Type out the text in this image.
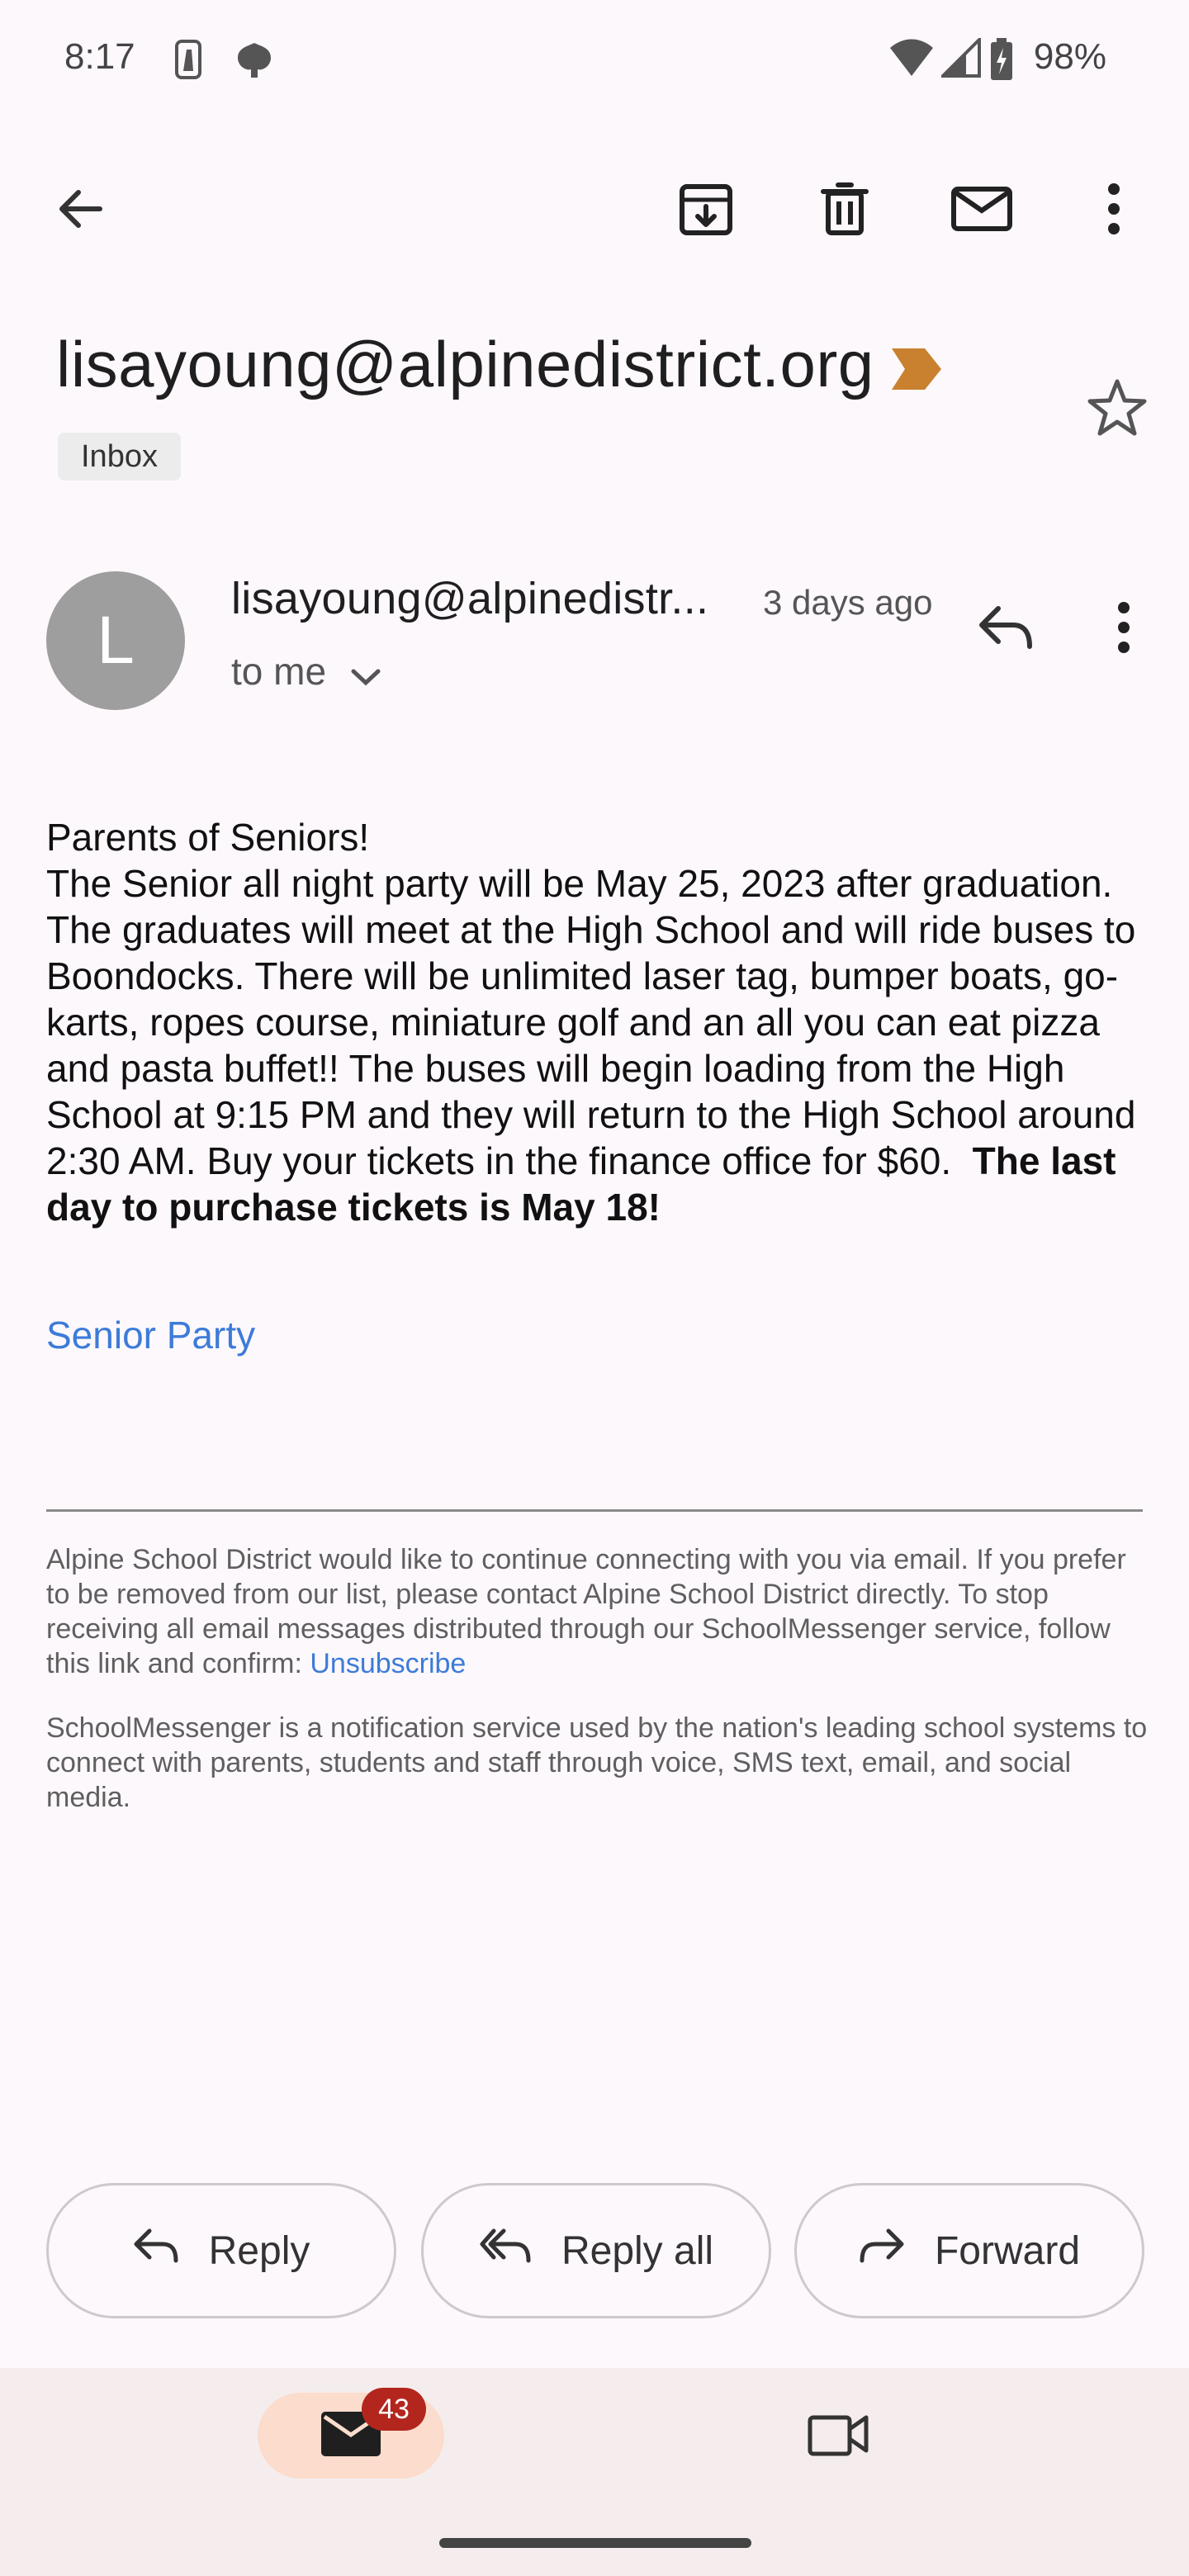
8:17	98%
lisayoung@alpinedistrict.org
Inbox
L
lisayoung@alpinedistr... 3 days ago
to me
Parents of Seniors!
The Senior all night party will be May 25, 2023 after graduation. The graduates will meet at the High School and will ride buses to Boondocks. There will be unlimited laser tag, bumper boats, go-karts, ropes course, miniature golf and an all you can eat pizza and pasta buffet!! The buses will begin loading from the High School at 9:15 PM and they will return to the High School around 2:30 AM. Buy your tickets in the finance office for $60. The last day to purchase tickets is May 18!
Senior Party
Alpine School District would like to continue connecting with you via email. If you prefer to be removed from our list, please contact Alpine School District directly. To stop receiving all email messages distributed through our SchoolMessenger service, follow this link and confirm: Unsubscribe
SchoolMessenger is a notification service used by the nation's leading school systems to connect with parents, students and staff through voice, SMS text, email, and social media.
Reply	Reply all	Forward
43
